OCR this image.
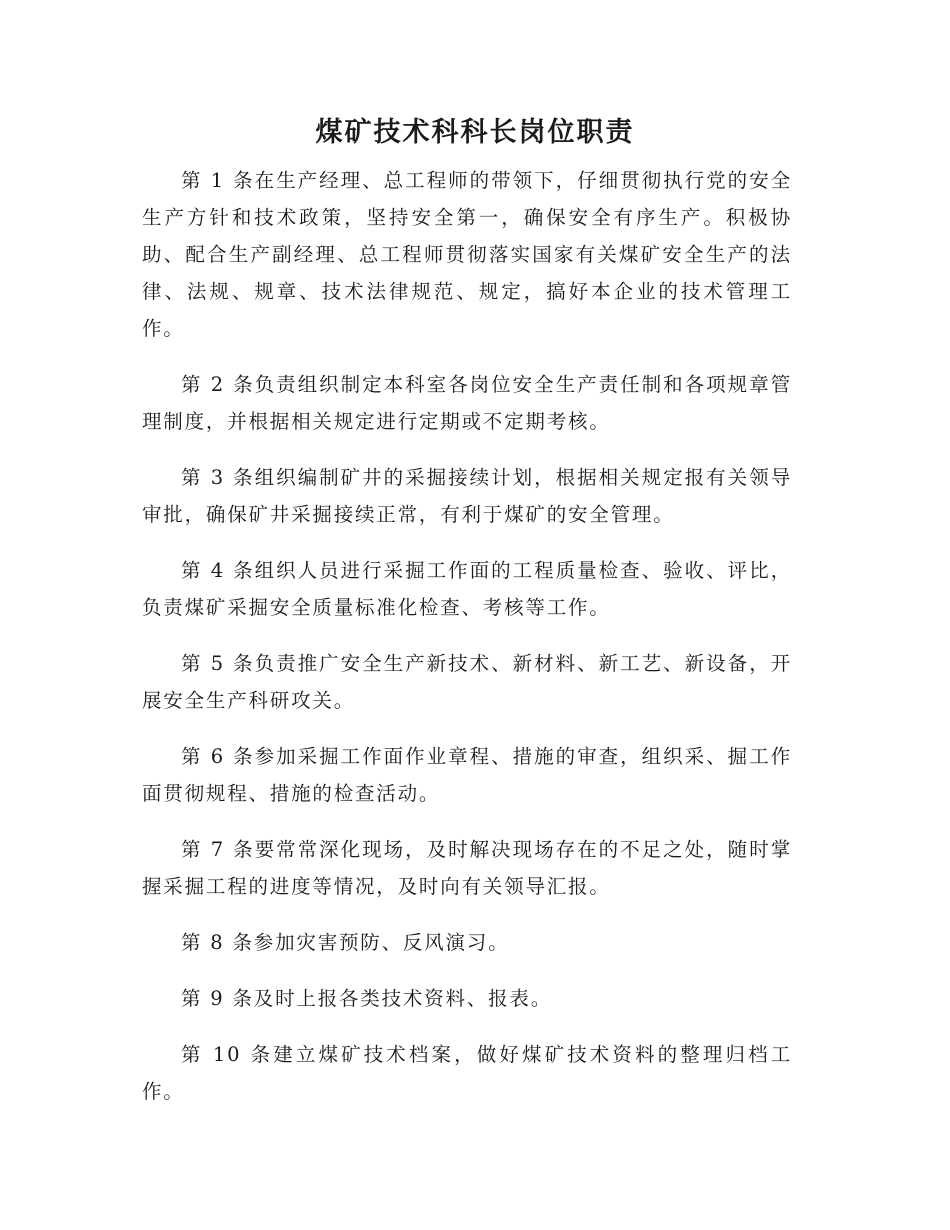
煤矿技术科科长岗位职责

第 1 条在生产经理、总工程师的带领下，仔细贯彻执行党的安全生产方针和技术政策，坚持安全第一，确保安全有序生产。积极协助、配合生产副经理、总工程师贯彻落实国家有关煤矿安全生产的法律、法规、规章、技术法律规范、规定，搞好本企业的技术管理工作。

第 2 条负责组织制定本科室各岗位安全生产责任制和各项规章管理制度，并根据相关规定进行定期或不定期考核。

第 3 条组织编制矿井的采掘接续计划，根据相关规定报有关领导审批，确保矿井采掘接续正常，有利于煤矿的安全管理。

第 4 条组织人员进行采掘工作面的工程质量检查、验收、评比，负责煤矿采掘安全质量标准化检查、考核等工作。

第 5 条负责推广安全生产新技术、新材料、新工艺、新设备，开展安全生产科研攻关。

第 6 条参加采掘工作面作业章程、措施的审查，组织采、掘工作面贯彻规程、措施的检查活动。

第 7 条要常常深化现场，及时解决现场存在的不足之处，随时掌握采掘工程的进度等情况，及时向有关领导汇报。

第 8 条参加灾害预防、反风演习。

第 9 条及时上报各类技术资料、报表。

第 10 条建立煤矿技术档案，做好煤矿技术资料的整理归档工作。
